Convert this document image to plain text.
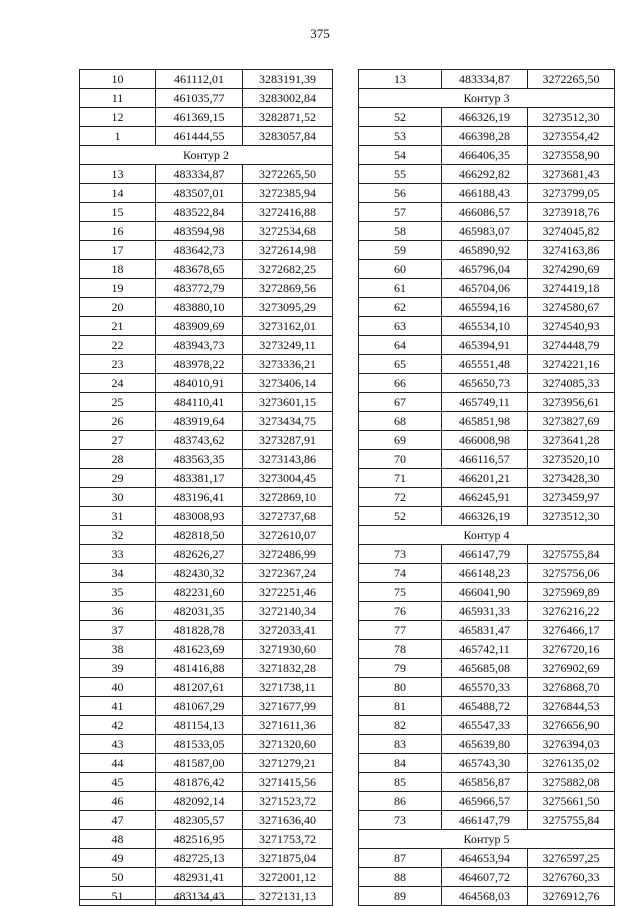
375
10	461112,01	3283191,39
11	461035,77	3283002,84
12	461369,15	3282871,52
1	461444,55	3283057,84
Контур 2		
13	483334,87	3272265,50
14	483507,01	3272385,94
15	483522,84	3272416,88
16	483594,98	3272534,68
17	483642,73	3272614,98
18	483678,65	3272682,25
19	483772,79	3272869,56
20	483880,10	3273095,29
21	483909,69	3273162,01
22	483943,73	3273249,11
23	483978,22	3273336,21
24	484010,91	3273406,14
25	484110,41	3273601,15
26	483919,64	3273434,75
27	483743,62	3273287,91
28	483563,35	3273143,86
29	483381,17	3273004,45
30	483196,41	3272869,10
31	483008,93	3272737,68
32	482818,50	3272610,07
33	482626,27	3272486,99
34	482430,32	3272367,24
35	482231,60	3272251,46
36	482031,35	3272140,34
37	481828,78	3272033,41
38	481623,69	3271930,60
39	481416,88	3271832,28
40	481207,61	3271738,11
41	481067,29	3271677,99
42	481154,13	3271611,36
43	481533,05	3271320,60
44	481587,00	3271279,21
45	481876,42	3271415,56
46	482092,14	3271523,72
47	482305,57	3271636,40
48	482516,95	3271753,72
49	482725,13	3271875,04
50	482931,41	3272001,12
51	483134,43	3272131,13
13	483334,87	3272265,50
Контур 3		
52	466326,19	3273512,30
53	466398,28	3273554,42
54	466406,35	3273558,90
55	466292,82	3273681,43
56	466188,43	3273799,05
57	466086,57	3273918,76
58	465983,07	3274045,82
59	465890,92	3274163,86
60	465796,04	3274290,69
61	465704,06	3274419,18
62	465594,16	3274580,67
63	465534,10	3274540,93
64	465394,91	3274448,79
65	465551,48	3274221,16
66	465650,73	3274085,33
67	465749,11	3273956,61
68	465851,98	3273827,69
69	466008,98	3273641,28
70	466116,57	3273520,10
71	466201,21	3273428,30
72	466245,91	3273459,97
52	466326,19	3273512,30
Контур 4		
73	466147,79	3275755,84
74	466148,23	3275756,06
75	466041,90	3275969,89
76	465931,33	3276216,22
77	465831,47	3276466,17
78	465742,11	3276720,16
79	465685,08	3276902,69
80	465570,33	3276868,70
81	465488,72	3276844,53
82	465547,33	3276656,90
83	465639,80	3276394,03
84	465743,30	3276135,02
85	465856,87	3275882,08
86	465966,57	3275661,50
73	466147,79	3275755,84
Контур 5		
87	464653,94	3276597,25
88	464607,72	3276760,33
89	464568,03	3276912,76
